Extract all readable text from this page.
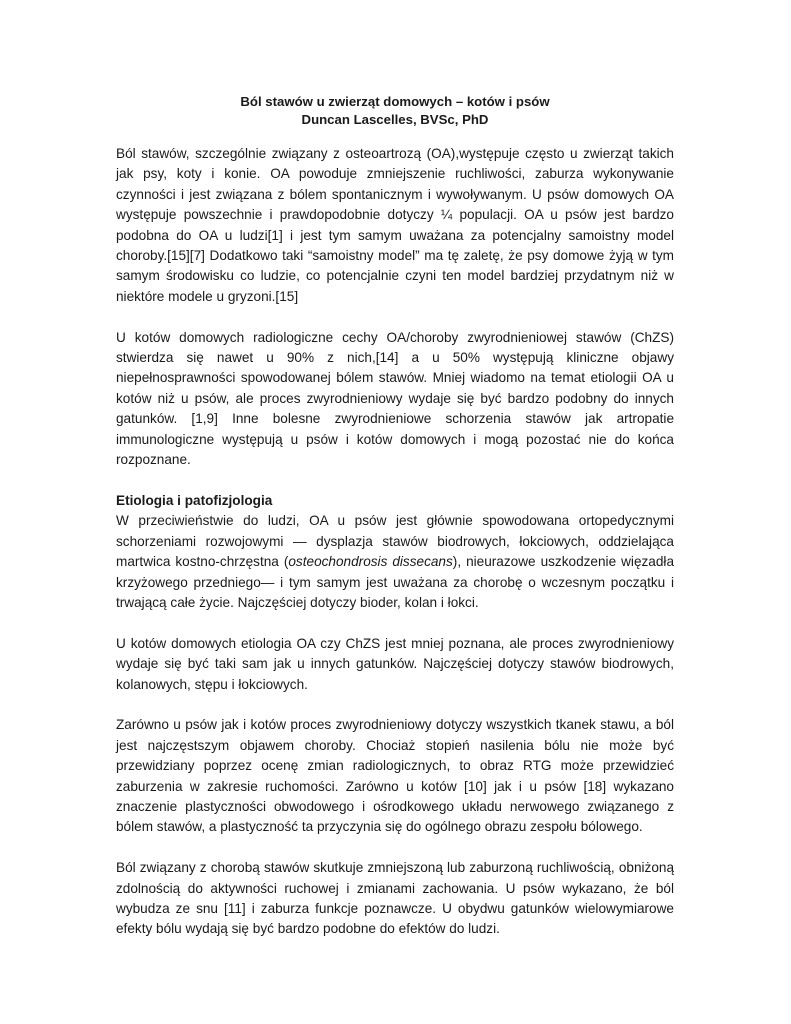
Ból stawów u zwierząt domowych – kotów i psów
Duncan Lascelles, BVSc, PhD

Ból stawów, szczególnie związany z osteoartrozą (OA),występuje często u zwierząt takich jak psy, koty i konie. OA powoduje zmniejszenie ruchliwości, zaburza wykonywanie czynności i jest związana z bólem spontanicznym i wywoływanym. U psów domowych OA występuje powszechnie i prawdopodobnie dotyczy ¼ populacji. OA u psów jest bardzo podobna do OA u ludzi[1] i jest tym samym uważana za potencjalny samoistny model choroby.[15][7] Dodatkowo taki “samoistny model” ma tę zaletę, że psy domowe żyją w tym samym środowisku co ludzie, co potencjalnie czyni ten model bardziej przydatnym niż w niektóre modele u gryzoni.[15]

U kotów domowych radiologiczne cechy OA/choroby zwyrodnieniowej stawów (ChZS) stwierdza się nawet u 90% z nich,[14] a u 50% występują kliniczne objawy niepełnosprawności spowodowanej bólem stawów. Mniej wiadomo na temat etiologii OA u kotów niż u psów, ale proces zwyrodnieniowy wydaje się być bardzo podobny do innych gatunków. [1,9] Inne bolesne zwyrodnieniowe schorzenia stawów jak artropatie immunologiczne występują u psów i kotów domowych i mogą pozostać nie do końca rozpoznane.

Etiologia i patofizjologia

W przeciwieństwie do ludzi, OA u psów jest głównie spowodowana ortopedycznymi schorzeniami rozwojowymi — dysplazja stawów biodrowych, łokciowych, oddzielająca martwica kostno-chrzęstna (osteochondrosis dissecans), nieurazowe uszkodzenie więzadła krzyżowego przedniego— i tym samym jest uważana za chorobę o wczesnym początku i trwającą całe życie. Najczęściej dotyczy bioder, kolan i łokci.

U kotów domowych etiologia OA czy ChZS jest mniej poznana, ale proces zwyrodnieniowy wydaje się być taki sam jak u innych gatunków. Najczęściej dotyczy stawów biodrowych, kolanowych, stępu i łokciowych.

Zarówno u psów jak i kotów proces zwyrodnieniowy dotyczy wszystkich tkanek stawu, a ból jest najczęstszym objawem choroby. Chociaż stopień nasilenia bólu nie może być przewidziany poprzez ocenę zmian radiologicznych, to obraz RTG może przewidzieć zaburzenia w zakresie ruchomości. Zarówno u kotów [10] jak i u psów [18] wykazano znaczenie plastyczności obwodowego i ośrodkowego układu nerwowego związanego z bólem stawów, a plastyczność ta przyczynia się do ogólnego obrazu zespołu bólowego.

Ból związany z chorobą stawów skutkuje zmniejszoną lub zaburzoną ruchliwością, obniżoną zdolnością do aktywności ruchowej i zmianami zachowania. U psów wykazano, że ból wybudza ze snu [11] i zaburza funkcje poznawcze. U obydwu gatunków wielowymiarowe efekty bólu wydają się być bardzo podobne do efektów do ludzi.
